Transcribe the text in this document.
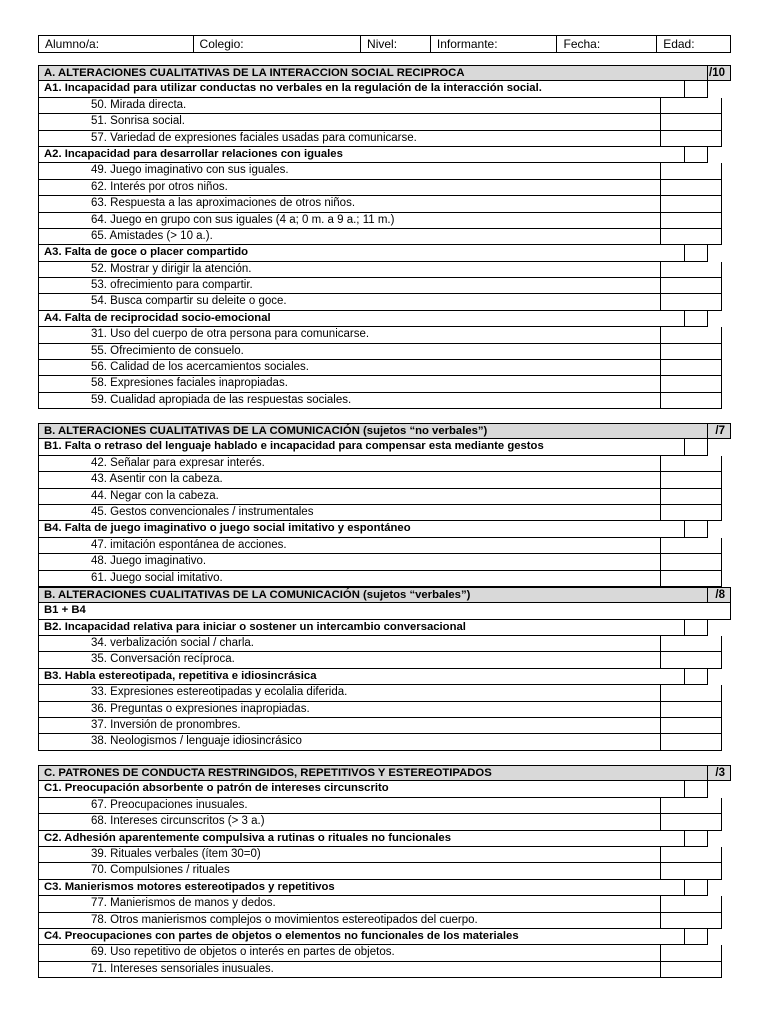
Alumno/a:	Colegio:	Nivel:	Informante:	Fecha:	Edad:
A. ALTERACIONES CUALITATIVAS DE LA INTERACCION SOCIAL RECIPROCA	/10
A1. Incapacidad para utilizar conductas no verbales en la regulación de la interacción social.
50. Mirada directa.
51. Sonrisa social.
57. Variedad de expresiones faciales usadas para comunicarse.
A2. Incapacidad para desarrollar relaciones con iguales
49. Juego imaginativo con sus iguales.
62. Interés por otros niños.
63. Respuesta a las aproximaciones de otros niños.
64. Juego en grupo con sus iguales (4 a; 0 m. a 9 a.; 11 m.)
65. Amistades (> 10 a.).
A3. Falta de goce o placer compartido
52. Mostrar y dirigir la atención.
53. ofrecimiento para compartir.
54. Busca compartir su deleite o goce.
A4. Falta de reciprocidad socio-emocional
31. Uso del cuerpo de otra persona para comunicarse.
55. Ofrecimiento de consuelo.
56. Calidad de los acercamientos sociales.
58. Expresiones faciales inapropiadas.
59. Cualidad apropiada de las respuestas sociales.
B. ALTERACIONES CUALITATIVAS DE LA COMUNICACIÓN (sujetos “no verbales”)	/7
B1. Falta o retraso del lenguaje hablado e incapacidad para compensar esta mediante gestos
42. Señalar para expresar interés.
43. Asentir con la cabeza.
44. Negar con la cabeza.
45. Gestos convencionales / instrumentales
B4. Falta de juego imaginativo o juego social imitativo y espontáneo
47. imitación espontánea de acciones.
48. Juego imaginativo.
61. Juego social imitativo.
B. ALTERACIONES CUALITATIVAS DE LA COMUNICACIÓN (sujetos “verbales”)	/8
B1 + B4
B2. Incapacidad relativa para iniciar o sostener un intercambio conversacional
34. verbalización social / charla.
35. Conversación recíproca.
B3. Habla estereotipada, repetitiva e idiosincrásica
33. Expresiones estereotipadas y ecolalia diferida.
36. Preguntas o expresiones inapropiadas.
37. Inversión de pronombres.
38. Neologismos / lenguaje idiosincrásico
C. PATRONES DE CONDUCTA RESTRINGIDOS, REPETITIVOS Y ESTEREOTIPADOS	/3
C1. Preocupación absorbente o patrón de intereses circunscrito
67. Preocupaciones inusuales.
68. Intereses circunscritos (> 3 a.)
C2. Adhesión aparentemente compulsiva a rutinas o rituales no funcionales
39. Rituales verbales (ítem 30=0)
70. Compulsiones / rituales
C3. Manierismos motores estereotipados y repetitivos
77. Manierismos de manos y dedos.
78. Otros manierismos complejos o movimientos estereotipados del cuerpo.
C4. Preocupaciones con partes de objetos o elementos no funcionales de los materiales
69. Uso repetitivo de objetos o interés en partes de objetos.
71. Intereses sensoriales inusuales.
